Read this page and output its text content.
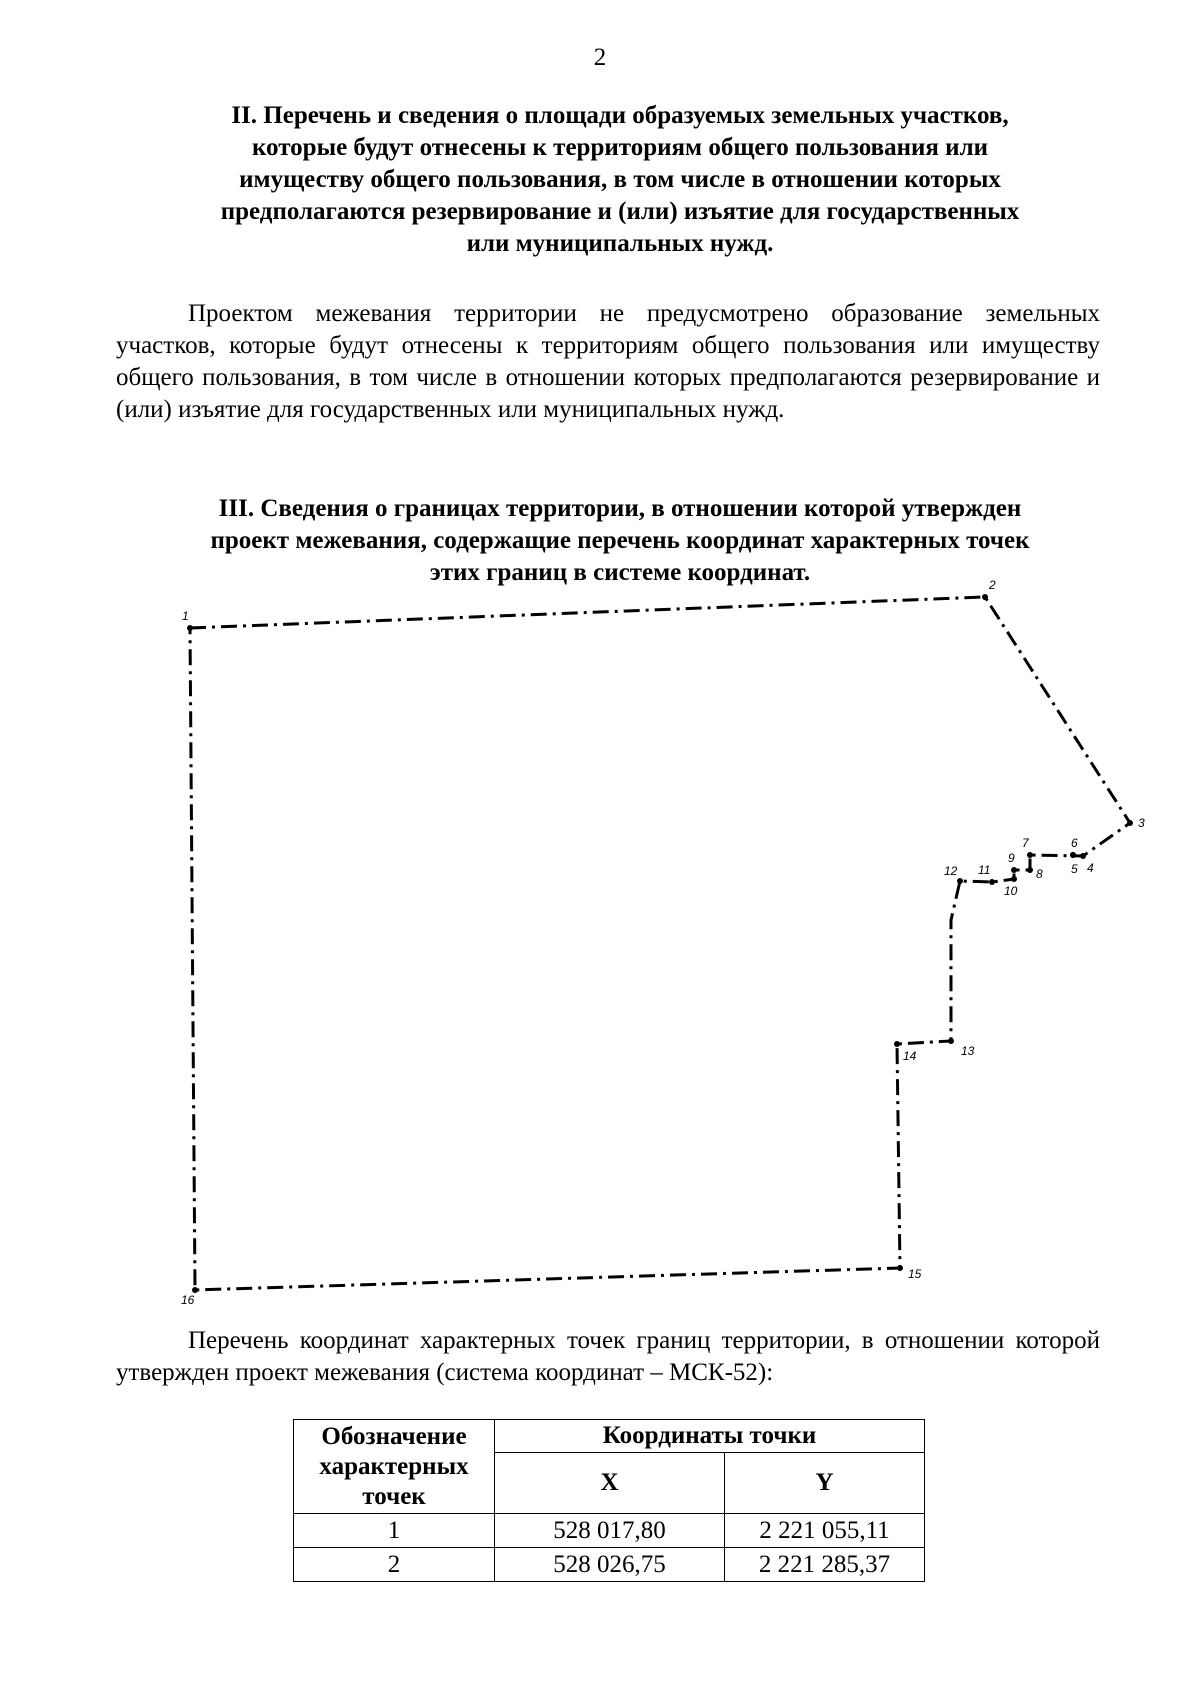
2
II. Перечень и сведения о площади образуемых земельных участков,
которые будут отнесены к территориям общего пользования или
имуществу общего пользования, в том числе в отношении которых
предполагаются резервирование и (или) изъятие для государственных
или муниципальных нужд.
Проектом межевания территории не предусмотрено образование земельных участков, которые будут отнесены к территориям общего пользования или имуществу общего пользования, в том числе в отношении которых предполагаются резервирование и (или) изъятие для государственных или муниципальных нужд.
III. Сведения о границах территории, в отношении которой утвержден
проект межевания, содержащие перечень координат характерных точек
этих границ в системе координат.
1
2
3
4
5
6
7
8
9
10
11
12
13
14
15
16
Перечень координат характерных точек границ территории, в отношении которой утвержден проект межевания (система координат – МСК-52):
Обозначение
характерных
точек	Координаты точки	
	X	Y
1	528 017,80	2 221 055,11
2	528 026,75	2 221 285,37
